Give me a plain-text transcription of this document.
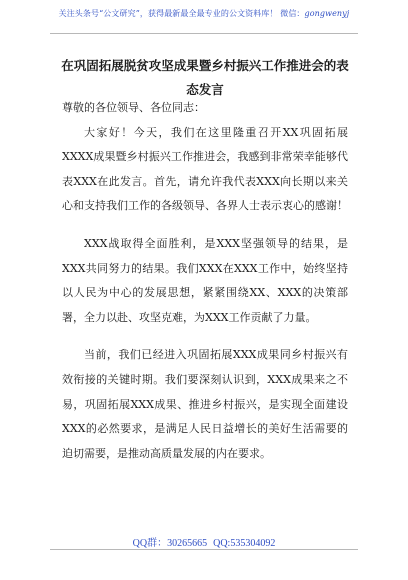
关注头条号“公文研究”，获得最新最全最专业的公文资料库！ 微信：gongwenyj
在巩固拓展脱贫攻坚成果暨乡村振兴工作推进会的表态发言

尊敬的各位领导、各位同志：

大家好！今天，我们在这里隆重召开XX巩固拓展XXXX成果暨乡村振兴工作推进会，我感到非常荣幸能够代表XXX在此发言。首先，请允许我代表XXX向长期以来关心和支持我们工作的各级领导、各界人士表示衷心的感谢！

XXX战取得全面胜利，是XXX坚强领导的结果，是XXX共同努力的结果。我们XXX在XXX工作中，始终坚持以人民为中心的发展思想，紧紧围绕XX、XXX的决策部署，全力以赴、攻坚克难，为XXX工作贡献了力量。

当前，我们已经进入巩固拓展XXX成果同乡村振兴有效衔接的关键时期。我们要深刻认识到，XXX成果来之不易，巩固拓展XXX成果、推进乡村振兴，是实现全面建设XXX的必然要求，是满足人民日益增长的美好生活需要的迫切需要，是推动高质量发展的内在要求。

QQ群：30265665 QQ:535304092
